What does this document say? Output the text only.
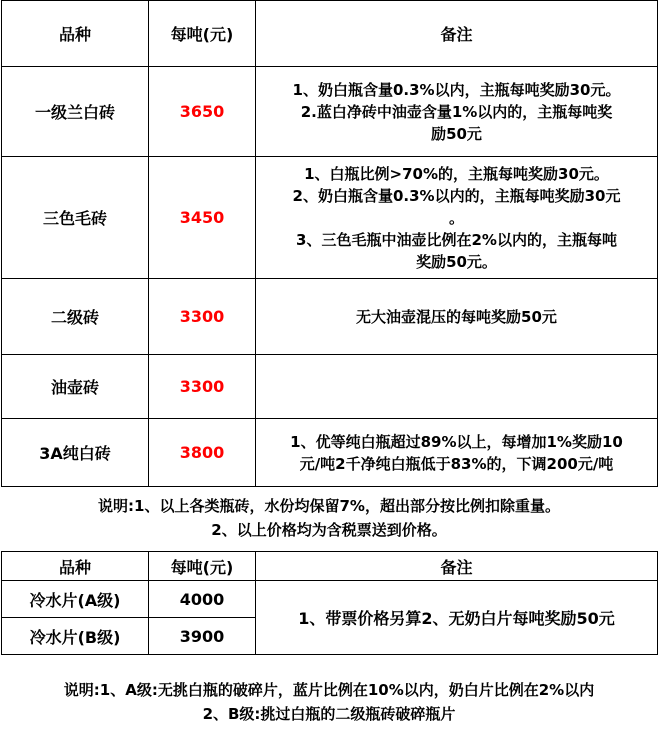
品种	每吨(元)	备注
一级兰白砖	3650	1、奶白瓶含量0.3%以内，主瓶每吨奖励30元。
2.蓝白净砖中油壶含量1%以内的，主瓶每吨奖
励50元

三色毛砖	3450	1、白瓶比例>70%的，主瓶每吨奖励30元。
2、奶白瓶含量0.3%以内的，主瓶每吨奖励30元
。
3、三色毛瓶中油壶比例在2%以内的，主瓶每吨
奖励50元。

二级砖	3300	无大油壶混压的每吨奖励50元

油壶砖	3300	
3A纯白砖	3800	1、优等纯白瓶超过89%以上，每增加1%奖励10
元/吨2千净纯白瓶低于83%的，下调200元/吨
说明:1、以上各类瓶砖，水份均保留7%，超出部分按比例扣除重量。
2、以上价格均为含税票送到价格。
品种	每吨(元)	备注
冷水片(A级)	4000	1、带票价格另算2、无奶白片每吨奖励50元
冷水片(B级)	3900	
说明:1、A级:无挑白瓶的破碎片，蓝片比例在10%以内，奶白片比例在2%以内
2、B级:挑过白瓶的二级瓶砖破碎瓶片
